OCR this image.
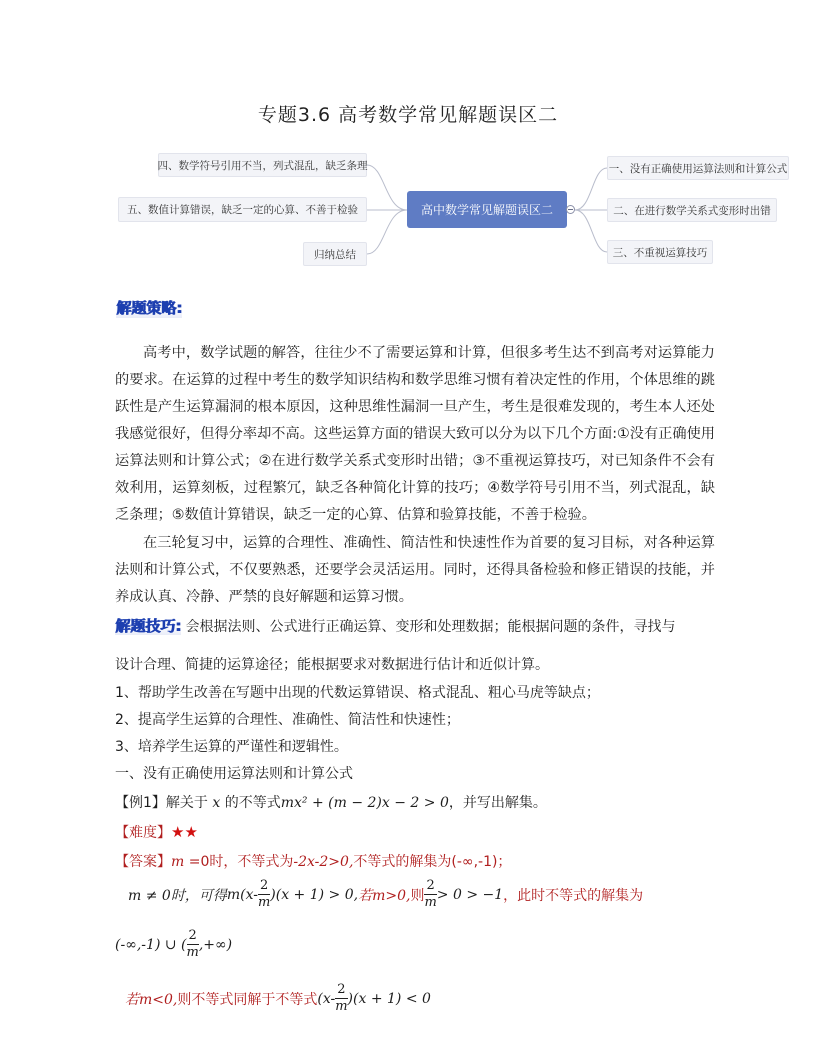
专题3.6 高考数学常见解题误区二
四、数学符号引用不当，列式混乱，缺乏条理
五、数值计算错误，缺乏一定的心算、不善于检验
归纳总结
高中数学常见解题误区二
一、没有正确使用运算法则和计算公式
二、在进行数学关系式变形时出错
三、不重视运算技巧
解题策略:
高考中，数学试题的解答，往往少不了需要运算和计算，但很多考生达不到高考对运算能力的要求。在运算的过程中考生的数学知识结构和数学思维习惯有着决定性的作用，个体思维的跳跃性是产生运算漏洞的根本原因，这种思维性漏洞一旦产生，考生是很难发现的，考生本人还处我感觉很好，但得分率却不高。这些运算方面的错误大致可以分为以下几个方面:①没有正确使用运算法则和计算公式；②在进行数学关系式变形时出错；③不重视运算技巧，对已知条件不会有效利用，运算刻板，过程繁冗，缺乏各种简化计算的技巧；④数学符号引用不当，列式混乱，缺乏条理；⑤数值计算错误，缺乏一定的心算、估算和验算技能，不善于检验。
在三轮复习中，运算的合理性、准确性、简洁性和快速性作为首要的复习目标，对各种运算法则和计算公式，不仅要熟悉，还要学会灵活运用。同时，还得具备检验和修正错误的技能，并养成认真、冷静、严禁的良好解题和运算习惯。
解题技巧: 会根据法则、公式进行正确运算、变形和处理数据；能根据问题的条件，寻找与
设计合理、简捷的运算途径；能根据要求对数据进行估计和近似计算。
1、帮助学生改善在写题中出现的代数运算错误、格式混乱、粗心马虎等缺点；
2、提高学生运算的合理性、准确性、简洁性和快速性；
3、培养学生运算的严谨性和逻辑性。
一、没有正确使用运算法则和计算公式
【例1】解关于 x 的不等式mx² + (m − 2)x − 2 > 0，并写出解集。
【难度】★★
【答案】m =0时，不等式为-2x-2>0,不等式的解集为(-∞,-1)；
m ≠ 0时，可得 $m(x- \frac{2}{m} )(x + 1) > 0$, 若m>0, 则 $\frac{2}{m} > 0 > -1$ ，此时不等式的解集为
(-∞,-1) ∪ ( $\frac{2}{m}$ ,+∞)
若m<0, 则不等式同解于不等式 $(x- \frac{2}{m} )(x + 1) < 0$
